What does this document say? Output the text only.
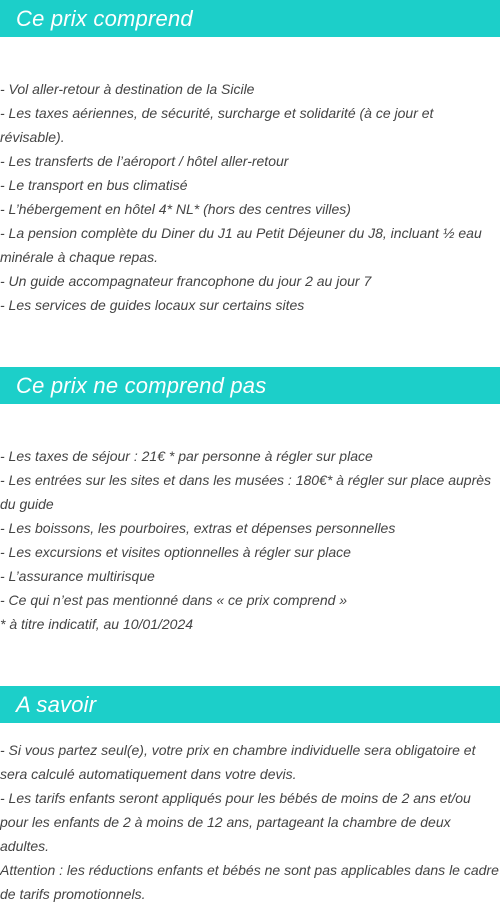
Ce prix comprend
- Vol aller-retour à destination de la Sicile
- Les taxes aériennes, de sécurité, surcharge et solidarité (à ce jour et révisable).
- Les transferts de l’aéroport / hôtel aller-retour
- Le transport en bus climatisé
- L’hébergement en hôtel 4* NL* (hors des centres villes)
- La pension complète du Diner du J1 au Petit Déjeuner du J8, incluant ½ eau minérale à chaque repas.
- Un guide accompagnateur francophone du jour 2 au jour 7
- Les services de guides locaux sur certains sites
Ce prix ne comprend pas
- Les taxes de séjour : 21€ * par personne à régler sur place
- Les entrées sur les sites et dans les musées : 180€* à régler sur place auprès du guide
- Les boissons, les pourboires, extras et dépenses personnelles
- Les excursions et visites optionnelles à régler sur place
- L’assurance multirisque
- Ce qui n’est pas mentionné dans « ce prix comprend »

* à titre indicatif, au 10/01/2024

A savoir
- Si vous partez seul(e), votre prix en chambre individuelle sera obligatoire et sera calculé automatiquement dans votre devis.
- Les tarifs enfants seront appliqués pour les bébés de moins de 2 ans et/ou pour les enfants de 2 à moins de 12 ans, partageant la chambre de deux adultes.
Attention : les réductions enfants et bébés ne sont pas applicables dans le cadre de tarifs promotionnels.
